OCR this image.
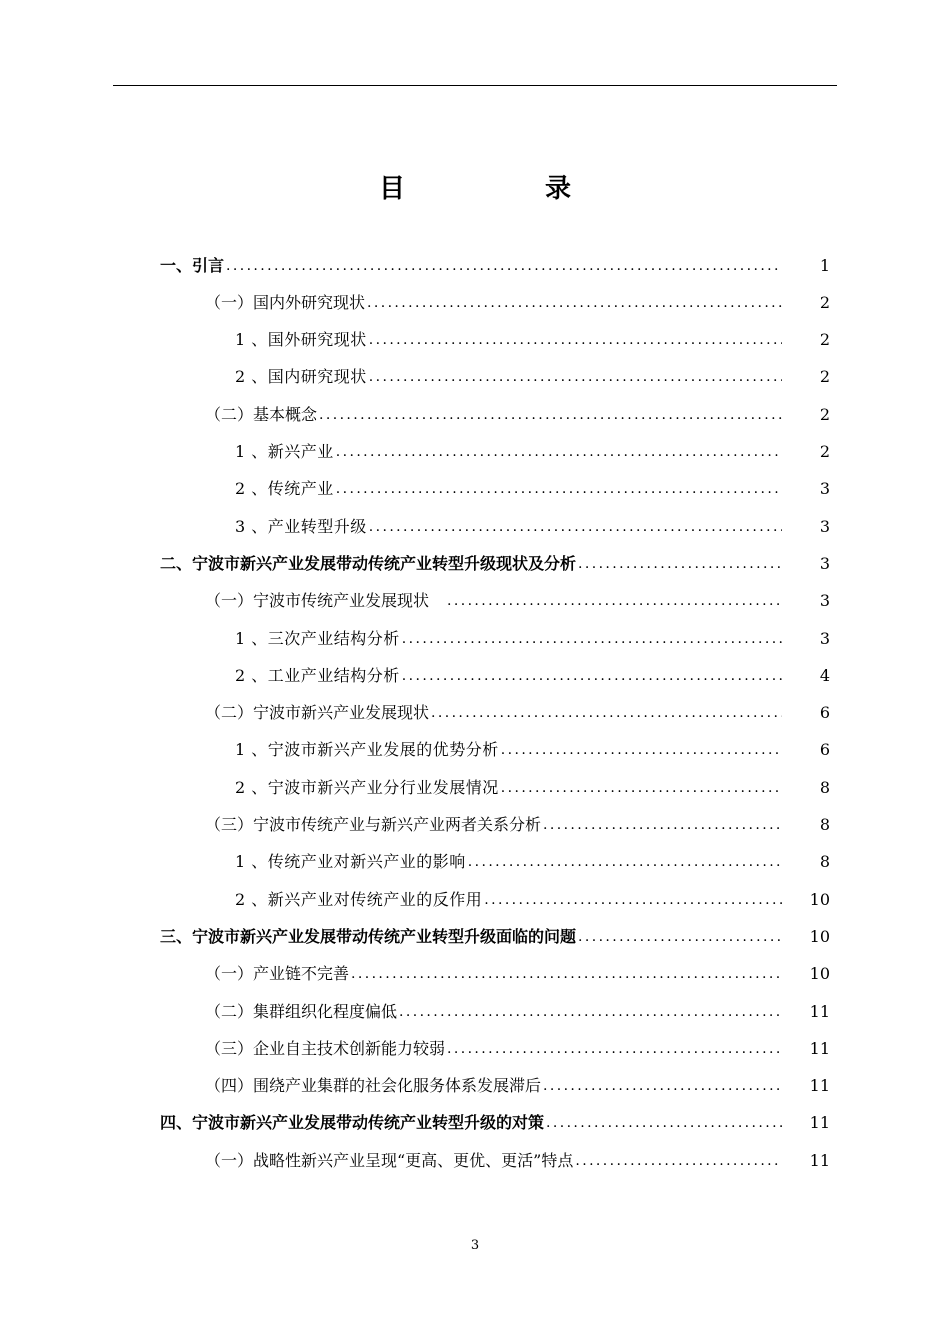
目	录
一、引言 .....	1
（一）国内外研究现状 .....	2
1 、国外研究现状 .....	2
2 、国内研究现状 .....	2
（二）基本概念 .....	2
1 、新兴产业 .....	2
2 、传统产业 .....	3
3 、产业转型升级 .....	3
二、宁波市新兴产业发展带动传统产业转型升级现状及分析 .....	3
（一）宁波市传统产业发展现状　 .....	3
1 、三次产业结构分析 .....	3
2 、工业产业结构分析 .....	4
（二）宁波市新兴产业发展现状 .....	6
1 、宁波市新兴产业发展的优势分析 .....	6
2 、宁波市新兴产业分行业发展情况 .....	8
（三）宁波市传统产业与新兴产业两者关系分析 .....	8
1 、传统产业对新兴产业的影响 .....	8
2 、新兴产业对传统产业的反作用 .....	10
三、宁波市新兴产业发展带动传统产业转型升级面临的问题 .....	10
（一）产业链不完善 .....	10
（二）集群组织化程度偏低 .....	11
（三）企业自主技术创新能力较弱 .....	11
（四）围绕产业集群的社会化服务体系发展滞后 .....	11
四、宁波市新兴产业发展带动传统产业转型升级的对策 .....	11
（一）战略性新兴产业呈现“更高、更优、更活”特点 .....	11
3
